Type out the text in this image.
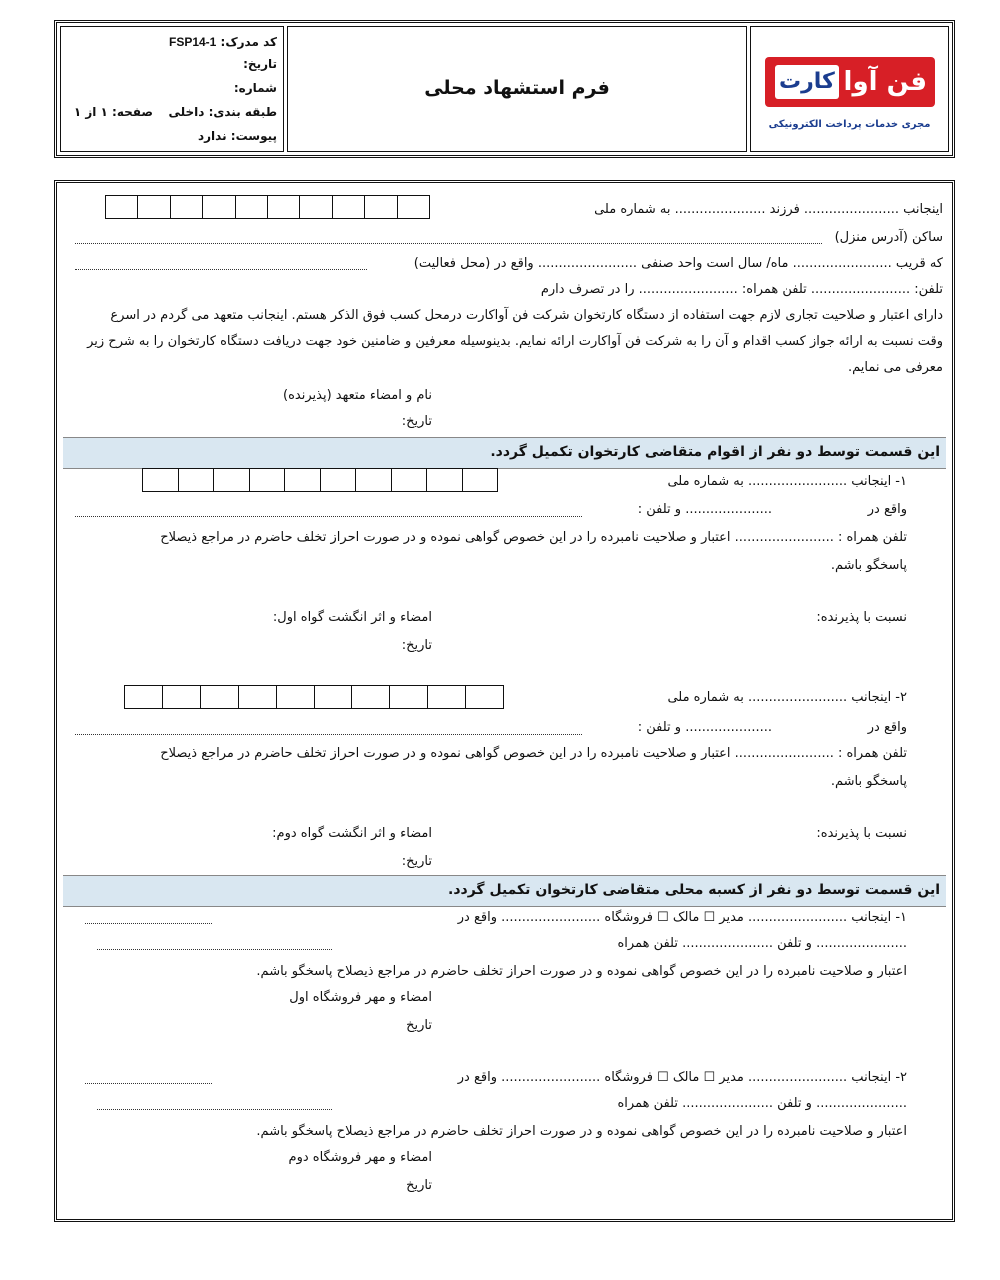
کد مدرک: FSP14-1
تاریخ:
شماره:
طبقه بندی: داخلی
صفحه: ۱ از ۱
پیوست: ندارد
فرم استشهاد محلی	فن آوا
کارت
مجری خدمات پرداخت الکترونیکی
اینجانب ....................... فرزند ...................... به شماره ملی
ساکن (آدرس منزل)
که قریب ........................ ماه/ سال است واحد صنفی ........................ واقع در (محل فعالیت)
تلفن: ........................ تلفن همراه: ........................ را در تصرف دارم
دارای اعتبار و صلاحیت تجاری لازم جهت استفاده از دستگاه کارتخوان شرکت فن آواکارت درمحل کسب فوق الذکر هستم. اینجانب متعهد می گردم در اسرع
وقت نسبت به ارائه جواز کسب اقدام و آن را به شرکت فن آواکارت ارائه نمایم. بدینوسیله معرفین و ضامنین خود جهت دریافت دستگاه کارتخوان را به شرح زیر
معرفی می نمایم.
نام و امضاء متعهد (پذیرنده)
تاریخ:
این قسمت توسط دو نفر از اقوام متقاضی کارتخوان تکمیل گردد.
۱- اینجانب ........................ به شماره ملی
واقع در
..................... و تلفن :
تلفن همراه : ........................ اعتبار و صلاحیت نامبرده را در این خصوص گواهی نموده و در صورت احراز تخلف حاضرم در مراجع ذیصلاح
پاسخگو باشم.
نسبت با پذیرنده:
امضاء و اثر انگشت گواه اول:
تاریخ:
۲- اینجانب ........................ به شماره ملی
واقع در
..................... و تلفن :
تلفن همراه : ........................ اعتبار و صلاحیت نامبرده را در این خصوص گواهی نموده و در صورت احراز تخلف حاضرم در مراجع ذیصلاح
پاسخگو باشم.
نسبت با پذیرنده:
امضاء و اثر انگشت گواه دوم:
تاریخ:
این قسمت توسط دو نفر از کسبه محلی متقاضی کارتخوان تکمیل گردد.
۱- اینجانب ........................ مدیر ☐ مالک ☐ فروشگاه ........................ واقع در
...................... و تلفن ...................... تلفن همراه
اعتبار و صلاحیت نامبرده را در این خصوص گواهی نموده و در صورت احراز تخلف حاضرم در مراجع ذیصلاح پاسخگو باشم.
امضاء و مهر فروشگاه اول
تاریخ
۲- اینجانب ........................ مدیر ☐ مالک ☐ فروشگاه ........................ واقع در
...................... و تلفن ...................... تلفن همراه
اعتبار و صلاحیت نامبرده را در این خصوص گواهی نموده و در صورت احراز تخلف حاضرم در مراجع ذیصلاح پاسخگو باشم.
امضاء و مهر فروشگاه دوم
تاریخ
